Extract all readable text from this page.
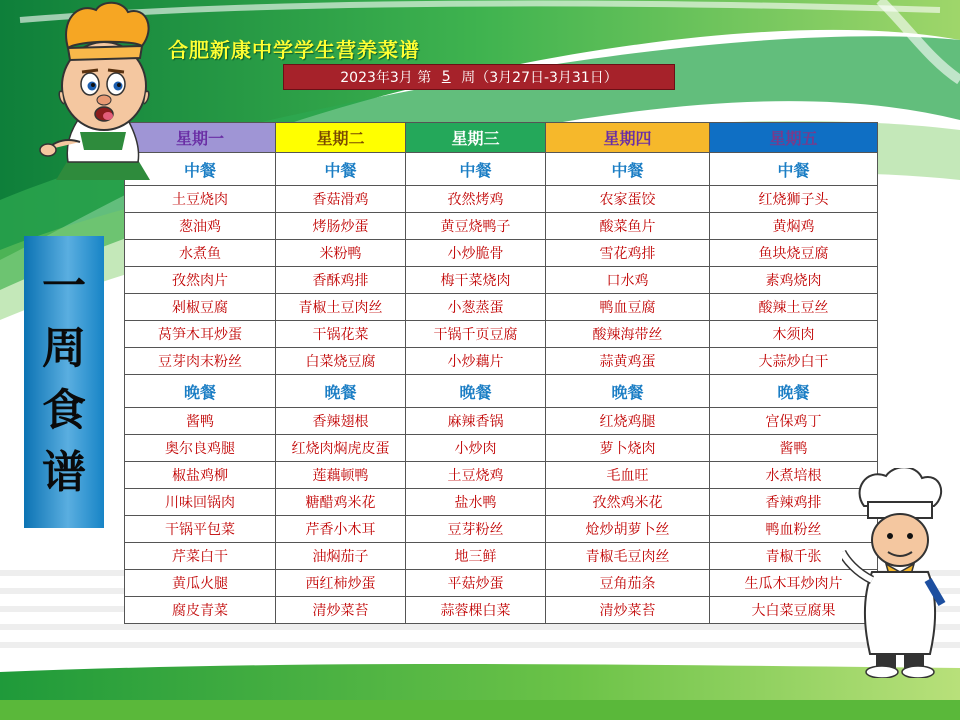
合肥新康中学学生营养菜谱
2023年3月 第 5 周（3月27日-3月31日）
一
周
食
谱
星期一	星期二	星期三	星期四	星期五
中餐	中餐	中餐	中餐	中餐
土豆烧肉	香菇滑鸡	孜然烤鸡	农家蛋饺	红烧狮子头
葱油鸡	烤肠炒蛋	黄豆烧鸭子	酸菜鱼片	黄焖鸡
水煮鱼	米粉鸭	小炒脆骨	雪花鸡排	鱼块烧豆腐
孜然肉片	香酥鸡排	梅干菜烧肉	口水鸡	素鸡烧肉
剁椒豆腐	青椒土豆肉丝	小葱蒸蛋	鸭血豆腐	酸辣土豆丝
莴笋木耳炒蛋	干锅花菜	干锅千页豆腐	酸辣海带丝	木须肉
豆芽肉末粉丝	白菜烧豆腐	小炒藕片	蒜黄鸡蛋	大蒜炒白干
晚餐	晚餐	晚餐	晚餐	晚餐
酱鸭	香辣翅根	麻辣香锅	红烧鸡腿	宫保鸡丁
奥尔良鸡腿	红烧肉焖虎皮蛋	小炒肉	萝卜烧肉	酱鸭
椒盐鸡柳	莲藕顿鸭	土豆烧鸡	毛血旺	水煮培根
川味回锅肉	糖醋鸡米花	盐水鸭	孜然鸡米花	香辣鸡排
干锅平包菜	芹香小木耳	豆芽粉丝	炝炒胡萝卜丝	鸭血粉丝
芹菜白干	油焖茄子	地三鲜	青椒毛豆肉丝	青椒千张
黄瓜火腿	西红柿炒蛋	平菇炒蛋	豆角茄条	生瓜木耳炒肉片
腐皮青菜	清炒菜苔	蒜蓉棵白菜	清炒菜苔	大白菜豆腐果
